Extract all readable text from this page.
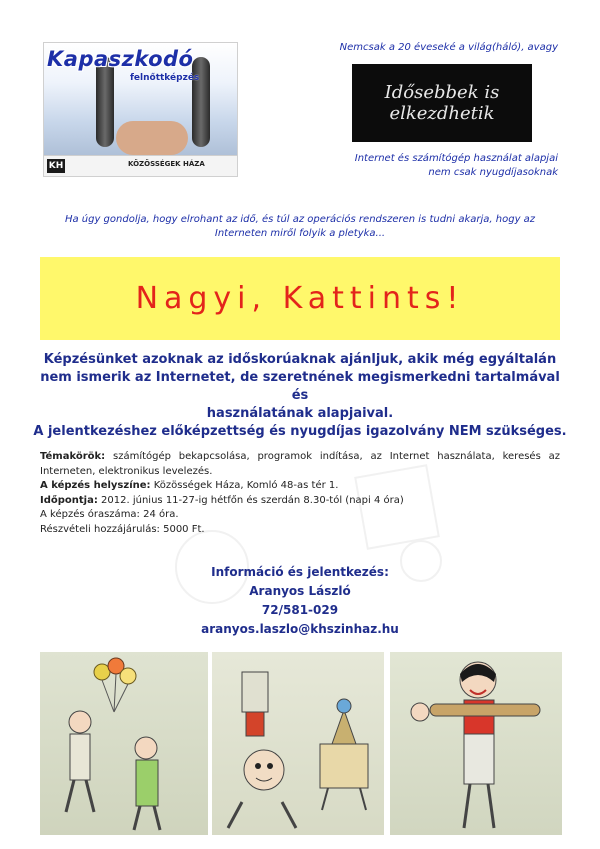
Kapaszkodó
felnőttképzés
KH	KÖZÖSSÉGEK HÁZA
Nemcsak a 20 éveseké a világ(háló), avagy
Idősebbek is elkezdhetik
Internet és számítógép használat alapjai
nem csak nyugdíjasoknak
Ha úgy gondolja, hogy elrohant az idő, és túl az operációs rendszeren is tudni akarja, hogy az
Interneten miről folyik a pletyka...
Nagyi, Kattints!
Képzésünket azoknak az időskorúaknak ajánljuk, akik még egyáltalán
nem ismerik az Internetet, de szeretnének megismerkedni tartalmával és
használatának alapjaival.
A jelentkezéshez előképzettség és nyugdíjas igazolvány NEM szükséges.
Témakörök: számítógép bekapcsolása, programok indítása, az Internet használata, keresés az Interneten, elektronikus levelezés.
A képzés helyszíne: Közösségek Háza, Komló 48-as tér 1.
Időpontja: 2012. június 11-27-ig hétfőn és szerdán 8.30-tól (napi 4 óra)
A képzés óraszáma: 24 óra.
Részvételi hozzájárulás: 5000 Ft.
Információ és jelentkezés:
Aranyos László
72/581-029
aranyos.laszlo@khszinhaz.hu
